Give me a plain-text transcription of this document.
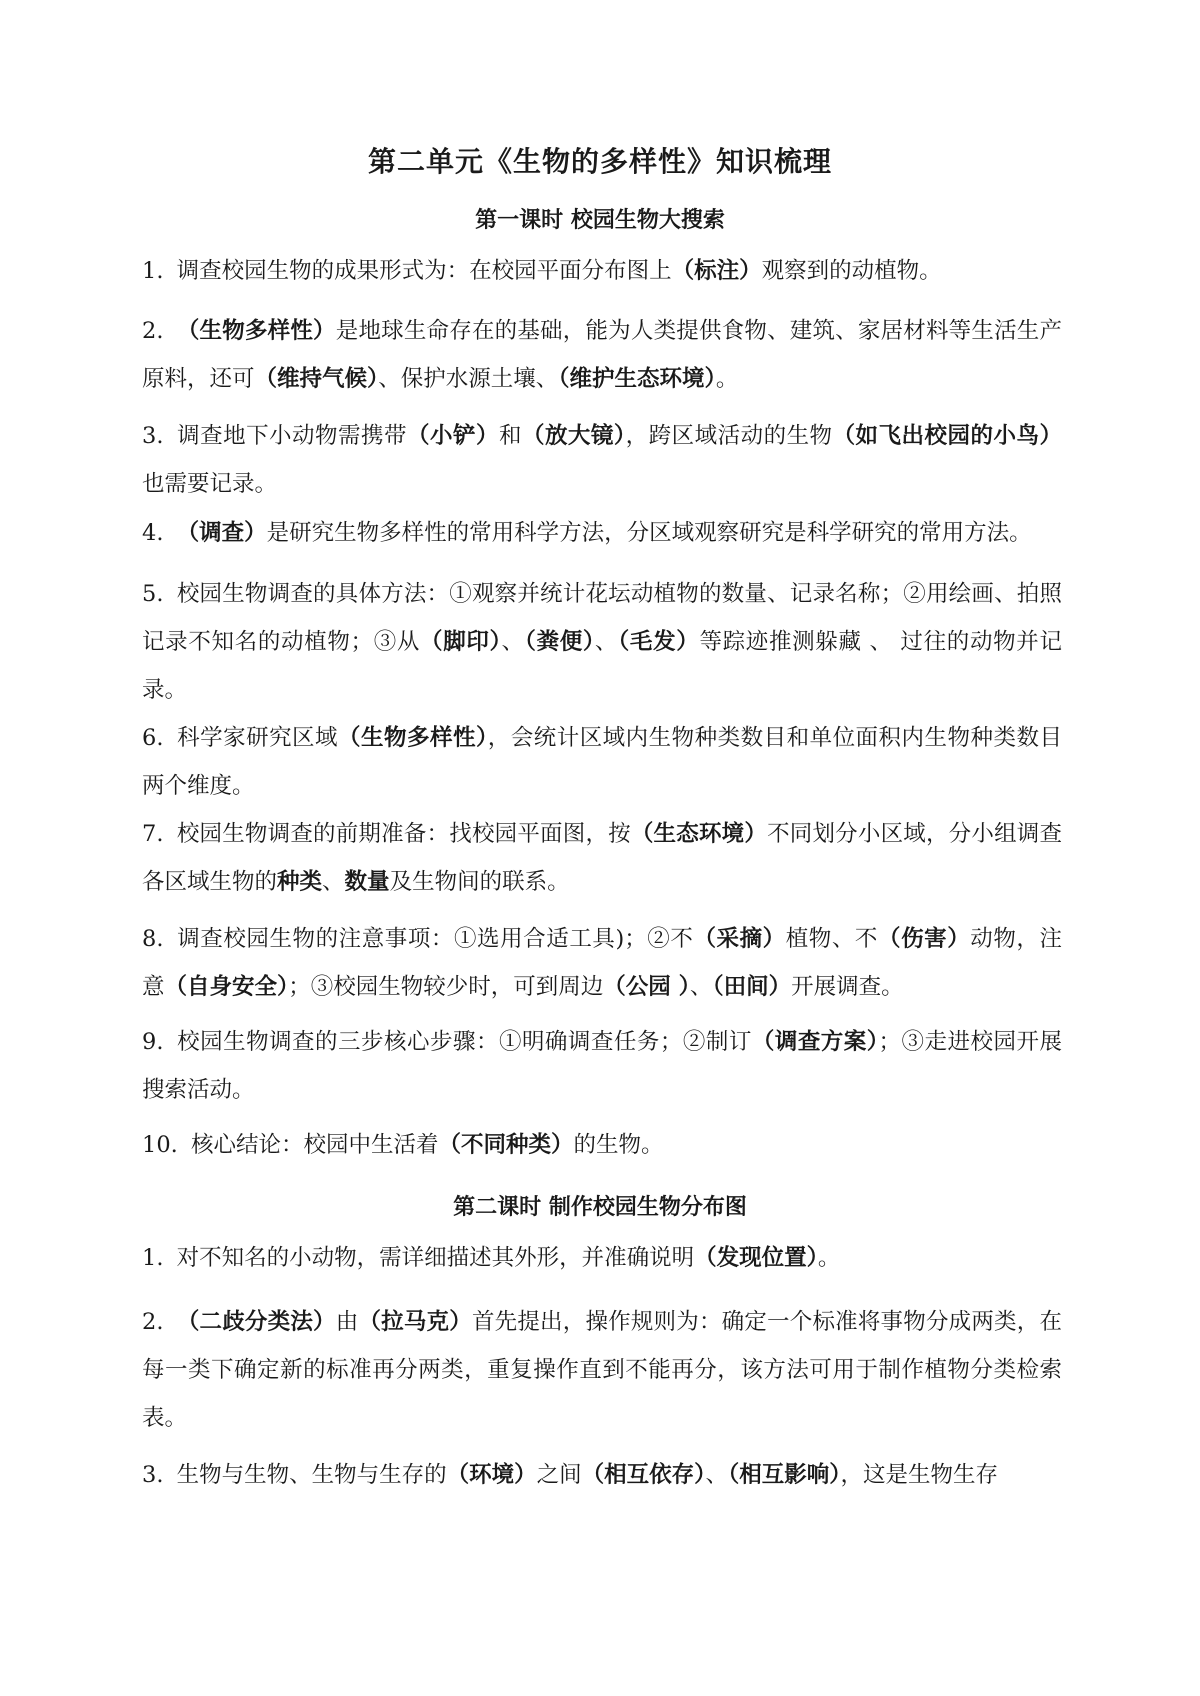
第二单元《生物的多样性》知识梳理
第一课时 校园生物大搜索
1. 调查校园生物的成果形式为：在校园平面分布图上（标注）观察到的动植物。
2. （生物多样性）是地球生命存在的基础，能为人类提供食物、建筑、家居材料等生活生产原料，还可（维持气候）、保护水源土壤、（维护生态环境）。
3. 调查地下小动物需携带（小铲）和（放大镜），跨区域活动的生物（如飞出校园的小鸟）也需要记录。
4. （调查）是研究生物多样性的常用科学方法，分区域观察研究是科学研究的常用方法。
5. 校园生物调查的具体方法：①观察并统计花坛动植物的数量、记录名称；②用绘画、拍照记录不知名的动植物；③从（脚印）、（粪便）、（毛发）等踪迹推测躲藏 、 过往的动物并记录。
6. 科学家研究区域（生物多样性），会统计区域内生物种类数目和单位面积内生物种类数目两个维度。
7. 校园生物调查的前期准备：找校园平面图，按（生态环境）不同划分小区域，分小组调查各区域生物的种类、数量及生物间的联系。
8. 调查校园生物的注意事项：①选用合适工具)；②不（采摘）植物、不（伤害）动物，注意（自身安全）；③校园生物较少时，可到周边（公园 ）、（田间）开展调查。
9. 校园生物调查的三步核心步骤：①明确调查任务；②制订（调查方案）；③走进校园开展搜索活动。
10. 核心结论：校园中生活着（不同种类）的生物。
第二课时 制作校园生物分布图
1. 对不知名的小动物，需详细描述其外形，并准确说明（发现位置）。
2. （二歧分类法）由（拉马克）首先提出，操作规则为：确定一个标准将事物分成两类，在每一类下确定新的标准再分两类，重复操作直到不能再分，该方法可用于制作植物分类检索表。
3. 生物与生物、生物与生存的（环境）之间（相互依存）、（相互影响），这是生物生存
